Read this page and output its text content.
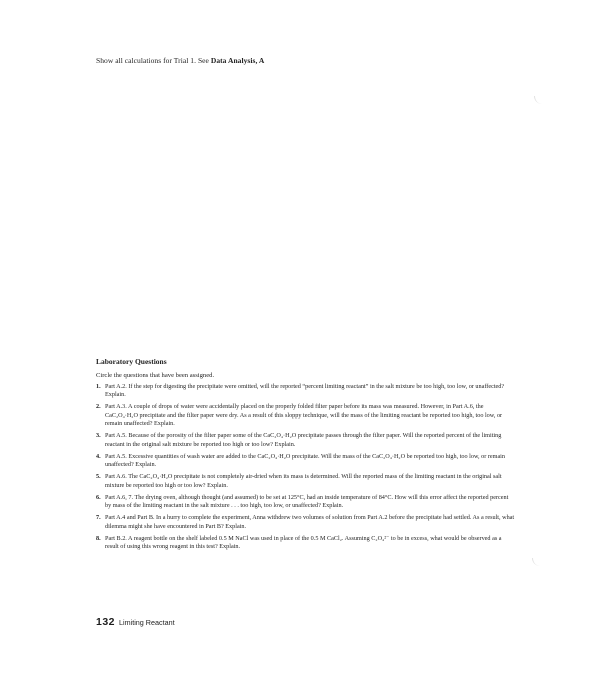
Show all calculations for Trial 1. See Data Analysis, A
Laboratory Questions
Circle the questions that have been assigned.
1. Part A.2. If the step for digesting the precipitate were omitted, will the reported “percent limiting reactant” in the salt mixture be too high, too low, or unaffected? Explain.
2. Part A.3. A couple of drops of water were accidentally placed on the properly folded filter paper before its mass was measured. However, in Part A.6, the CaC₂O₄·H₂O precipitate and the filter paper were dry. As a result of this sloppy technique, will the mass of the limiting reactant be reported too high, too low, or remain unaffected? Explain.
3. Part A.5. Because of the porosity of the filter paper some of the CaC₂O₄·H₂O precipitate passes through the filter paper. Will the reported percent of the limiting reactant in the original salt mixture be reported too high or too low? Explain.
4. Part A.5. Excessive quantities of wash water are added to the CaC₂O₄·H₂O precipitate. Will the mass of the CaC₂O₄·H₂O be reported too high, too low, or remain unaffected? Explain.
5. Part A.6. The CaC₂O₄·H₂O precipitate is not completely air-dried when its mass is determined. Will the reported mass of the limiting reactant in the original salt mixture be reported too high or too low? Explain.
6. Part A.6, 7. The drying oven, although thought (and assumed) to be set at 125°C, had an inside temperature of 84°C. How will this error affect the reported percent by mass of the limiting reactant in the salt mixture . . . too high, too low, or unaffected? Explain.
7. Part A.4 and Part B. In a hurry to complete the experiment, Anna withdrew two volumes of solution from Part A.2 before the precipitate had settled. As a result, what dilemma might she have encountered in Part B? Explain.
8. Part B.2. A reagent bottle on the shelf labeled 0.5 M NaCl was used in place of the 0.5 M CaCl₂. Assuming C₂O₄²⁻ to be in excess, what would be observed as a result of using this wrong reagent in this test? Explain.
132 Limiting Reactant
